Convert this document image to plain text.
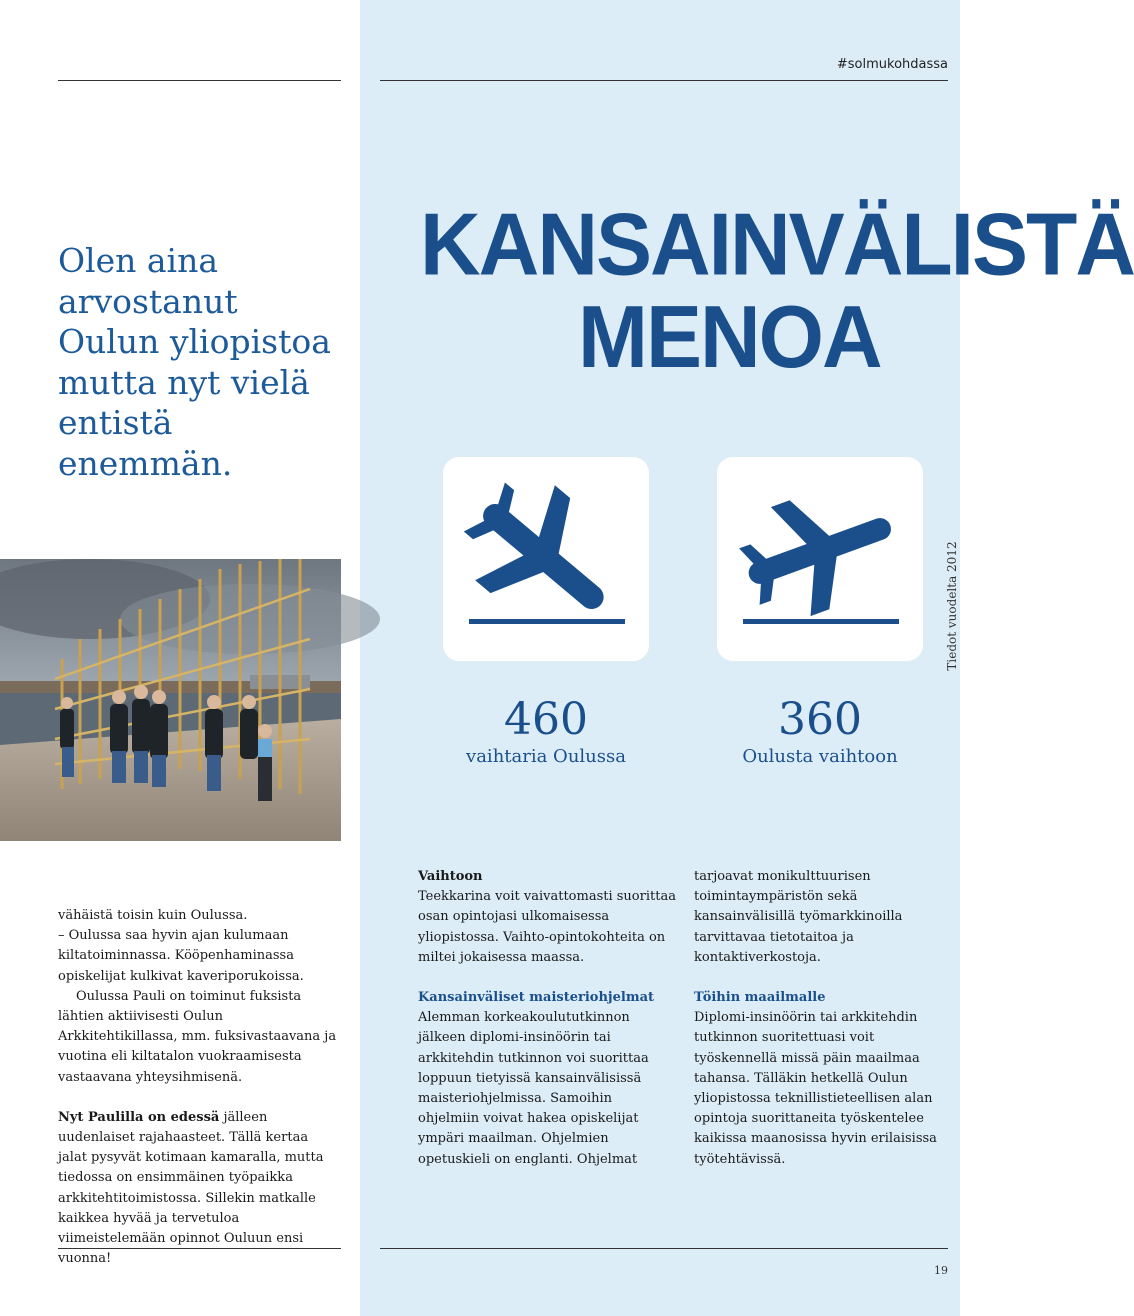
#solmukohdassa
Tiedot vuodelta 2012

Olen aina arvostanut Oulun yliopistoa mutta nyt vielä entistä enemmän.

KANSAINVÄLISTÄ
MENOA
460
vaihtaria Oulussa
360
Oulusta vaihtoon

vähäistä toisin kuin Oulussa.

– Oulussa saa hyvin ajan kulumaan kiltatoiminnassa. Kööpenhaminassa opiskelijat kulkivat kaveriporukoissa.

Oulussa Pauli on toiminut fuksista lähtien aktiivisesti Oulun Arkkitehtikillassa, mm. fuksivastaavana ja vuotina eli kiltatalon vuokraamisesta vastaavana yhteysihmisenä.

Nyt Paulilla on edessä jälleen uudenlaiset rajahaasteet. Tällä kertaa jalat pysyvät kotimaan kamaralla, mutta tiedossa on ensimmäinen työpaikka arkkitehtitoimistossa. Sillekin matkalle kaikkea hyvää ja tervetuloa viimeistelemään opinnot Ouluun ensi vuonna!

Vaihtoon

Teekkarina voit vaivattomasti suorittaa osan opintojasi ulkomaisessa yliopistossa. Vaihto-opintokohteita on miltei jokaisessa maassa.

Kansainväliset maisteriohjelmat

Alemman korkeakoulututkinnon jälkeen diplomi-insinöörin tai arkkitehdin tutkinnon voi suorittaa loppuun tietyissä kansainvälisissä maisteriohjelmissa. Samoihin ohjelmiin voivat hakea opiskelijat ympäri maailman. Ohjelmien opetuskieli on englanti. Ohjelmat

tarjoavat monikulttuurisen toimintaympäristön sekä kansainvälisillä työmarkkinoilla tarvittavaa tietotaitoa ja kontaktiverkostoja.

Töihin maailmalle

Diplomi-insinöörin tai arkkitehdin tutkinnon suoritettuasi voit työskennellä missä päin maailmaa tahansa. Tälläkin hetkellä Oulun yliopistossa teknillistieteellisen alan opintoja suorittaneita työskentelee kaikissa maanosissa hyvin erilaisissa työtehtävissä.

19
